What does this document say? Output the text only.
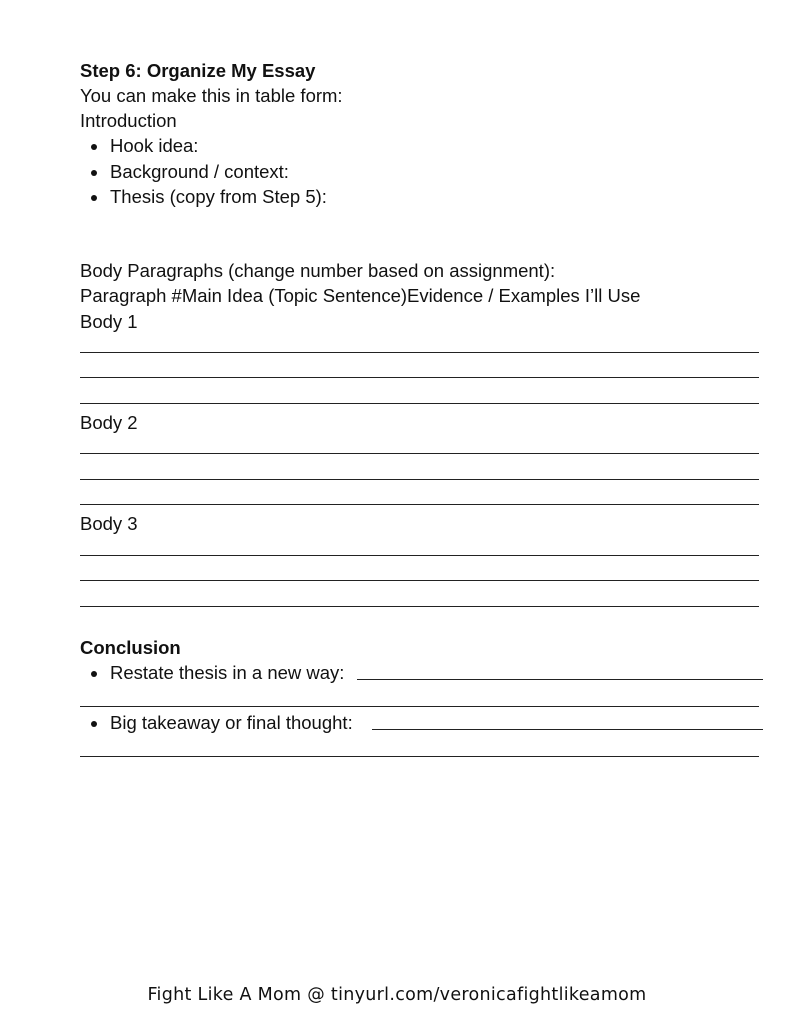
Step 6: Organize My Essay
You can make this in table form:
Introduction
Hook idea:
Background / context:
Thesis (copy from Step 5):
Body Paragraphs (change number based on assignment):
Paragraph #Main Idea (Topic Sentence)Evidence / Examples I’ll Use
Body 1
Body 2
Body 3
Conclusion
Restate thesis in a new way:
Big takeaway or final thought:
Fight Like A Mom @ tinyurl.com/veronicafightlikeamom
